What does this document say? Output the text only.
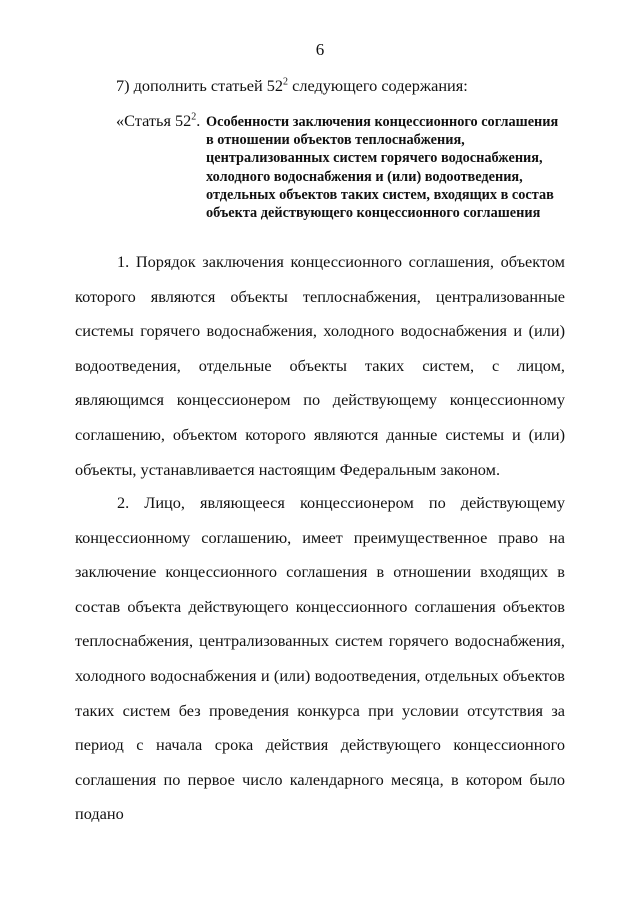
6
7) дополнить статьей $52^2$ следующего содержания:
«Статья $52^2$. Особенности заключения концессионного соглашения в отношении объектов теплоснабжения, централизованных систем горячего водоснабжения, холодного водоснабжения и (или) водоотведения, отдельных объектов таких систем, входящих в состав объекта действующего концессионного соглашения
1. Порядок заключения концессионного соглашения, объектом которого являются объекты теплоснабжения, централизованные системы горячего водоснабжения, холодного водоснабжения и (или) водоотведения, отдельные объекты таких систем, с лицом, являющимся концессионером по действующему концессионному соглашению, объектом которого являются данные системы и (или) объекты, устанавливается настоящим Федеральным законом.
2. Лицо, являющееся концессионером по действующему концессионному соглашению, имеет преимущественное право на заключение концессионного соглашения в отношении входящих в состав объекта действующего концессионного соглашения объектов теплоснабжения, централизованных систем горячего водоснабжения, холодного водоснабжения и (или) водоотведения, отдельных объектов таких систем без проведения конкурса при условии отсутствия за период с начала срока действия действующего концессионного соглашения по первое число календарного месяца, в котором было подано
